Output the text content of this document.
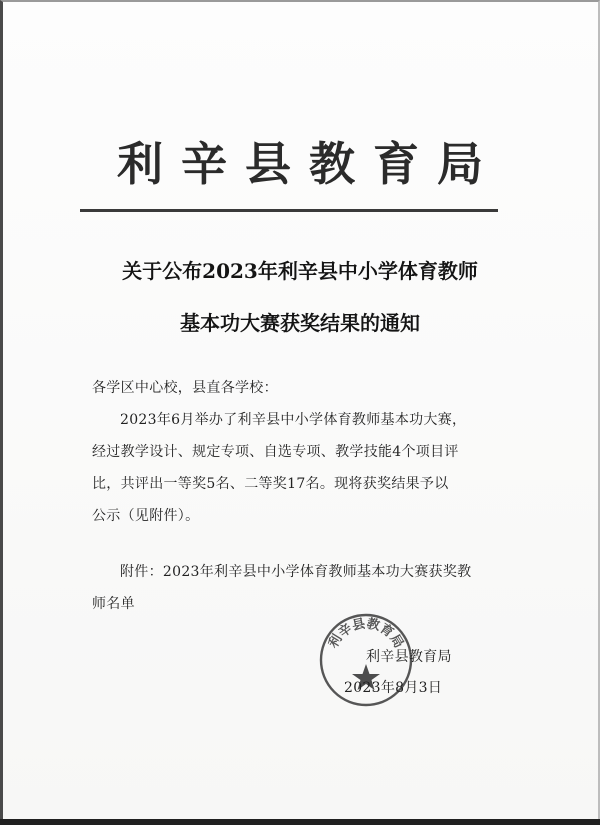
利辛县教育局
关于公布2023年利辛县中小学体育教师
基本功大赛获奖结果的通知
各学区中心校，县直各学校：
2023年6月举办了利辛县中小学体育教师基本功大赛，
经过教学设计、规定专项、自选专项、教学技能4个项目评
比，共评出一等奖5名、二等奖17名。现将获奖结果予以
公示（见附件）。
附件：2023年利辛县中小学体育教师基本功大赛获奖教
师名单
利辛县教育局
利辛县教育局
2023年8月3日
